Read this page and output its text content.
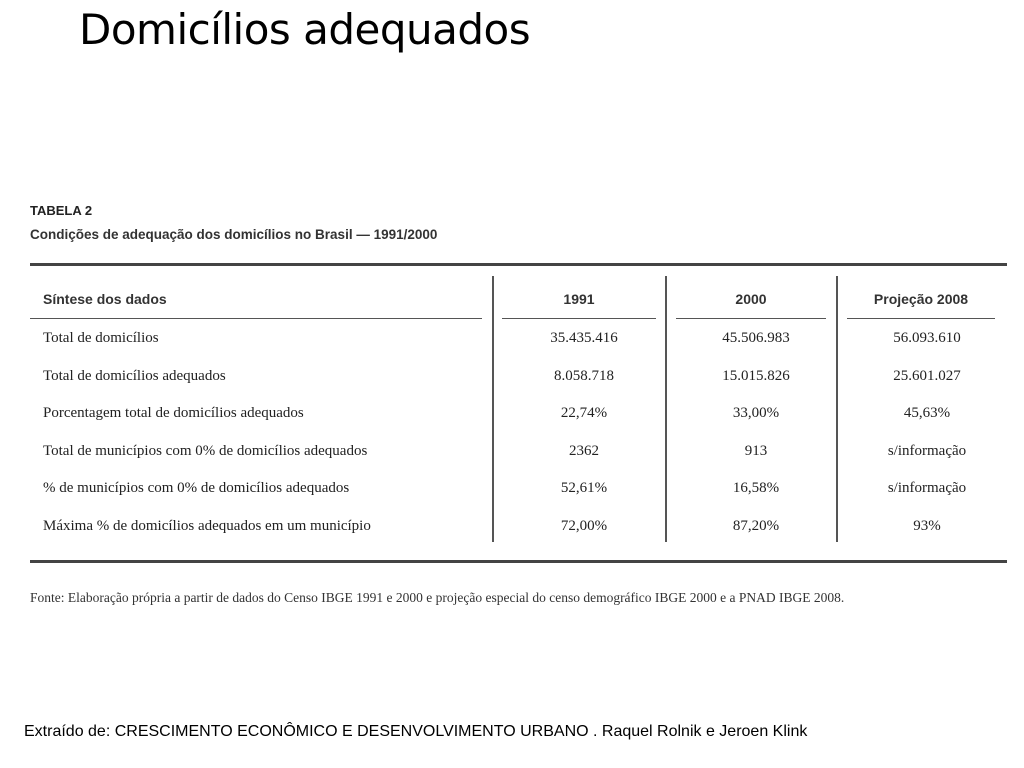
Domicílios adequados
TABELA 2
Condições de adequação dos domicílios no Brasil — 1991/2000
Síntese dos dados	1991	2000	Projeção 2008
Total de domicílios	35.435.416	45.506.983	56.093.610
Total de domicílios adequados	8.058.718	15.015.826	25.601.027
Porcentagem total de domicílios adequados	22,74%	33,00%	45,63%
Total de municípios com 0% de domicílios adequados	2362	913	s/informação
% de municípios com 0% de domicílios adequados	52,61%	16,58%	s/informação
Máxima % de domicílios adequados em um município	72,00%	87,20%	93%
Fonte: Elaboração própria a partir de dados do Censo IBGE 1991 e 2000 e projeção especial do censo demográfico IBGE 2000 e a PNAD IBGE 2008.
Extraído de: CRESCIMENTO ECONÔMICO E DESENVOLVIMENTO URBANO . Raquel Rolnik e Jeroen Klink
